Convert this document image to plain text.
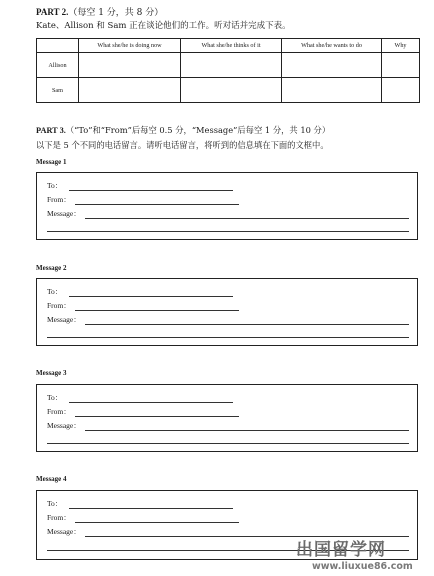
PART 2.（每空 1 分，共 8 分）
Kate、Allison 和 Sam 正在谈论他们的工作。听对话并完成下表。
	What she/he is doing now	What she/he thinks of it	What she/he wants to do	Why
Allison				
Sam				
PART 3.（“To”和“From”后每空 0.5 分，“Message”后每空 1 分，共 10 分）
以下是 5 个不同的电话留言。请听电话留言，将听到的信息填在下面的文框中。
Message 1
To：
From：
Message：
Message 2
To：
From：
Message：
Message 3
To：
From：
Message：
Message 4
To：
From：
Message：
出国留学网
www.liuxue86.com
